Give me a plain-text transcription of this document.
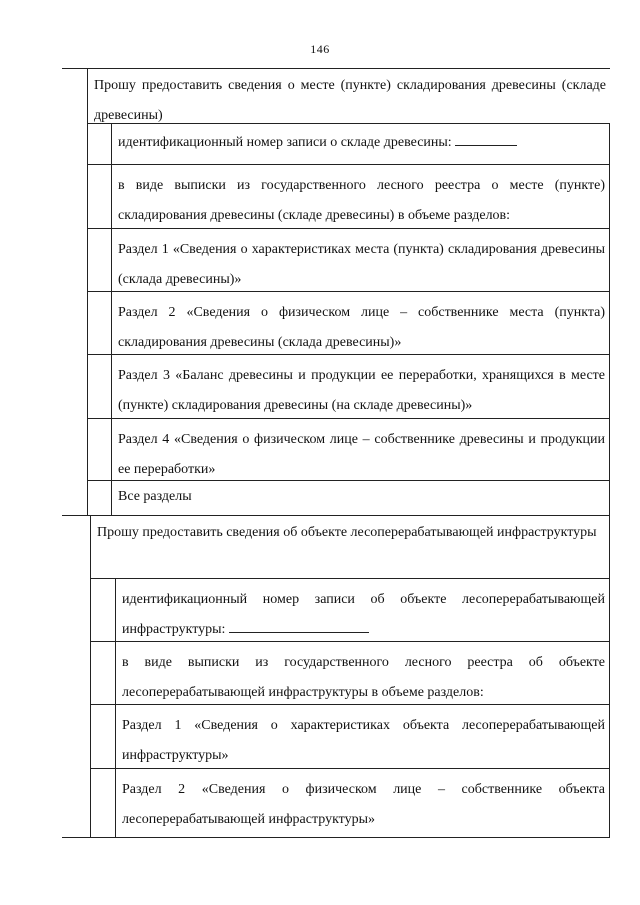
146
Прошу предоставить сведения о месте (пункте) складирования древесины (складе древесины)
идентификационный номер записи о складе древесины:
в виде выписки из государственного лесного реестра о месте (пункте) складирования древесины (складе древесины) в объеме разделов:
Раздел 1 «Сведения о характеристиках места (пункта) складирования древесины (склада древесины)»
Раздел 2 «Сведения о физическом лице – собственнике места (пункта) складирования древесины (склада древесины)»
Раздел 3 «Баланс древесины и продукции ее переработки, хранящихся в месте (пункте) складирования древесины (на складе древесины)»
Раздел 4 «Сведения о физическом лице – собственнике древесины и продукции ее переработки»
Все разделы
Прошу предоставить сведения об объекте лесоперерабатывающей инфраструктуры
идентификационный номер записи об объекте лесоперерабатывающей инфраструктуры:
в виде выписки из государственного лесного реестра об объекте лесоперерабатывающей инфраструктуры в объеме разделов:
Раздел 1 «Сведения о характеристиках объекта лесоперерабатывающей инфраструктуры»
Раздел 2 «Сведения о физическом лице – собственнике объекта лесоперерабатывающей инфраструктуры»
